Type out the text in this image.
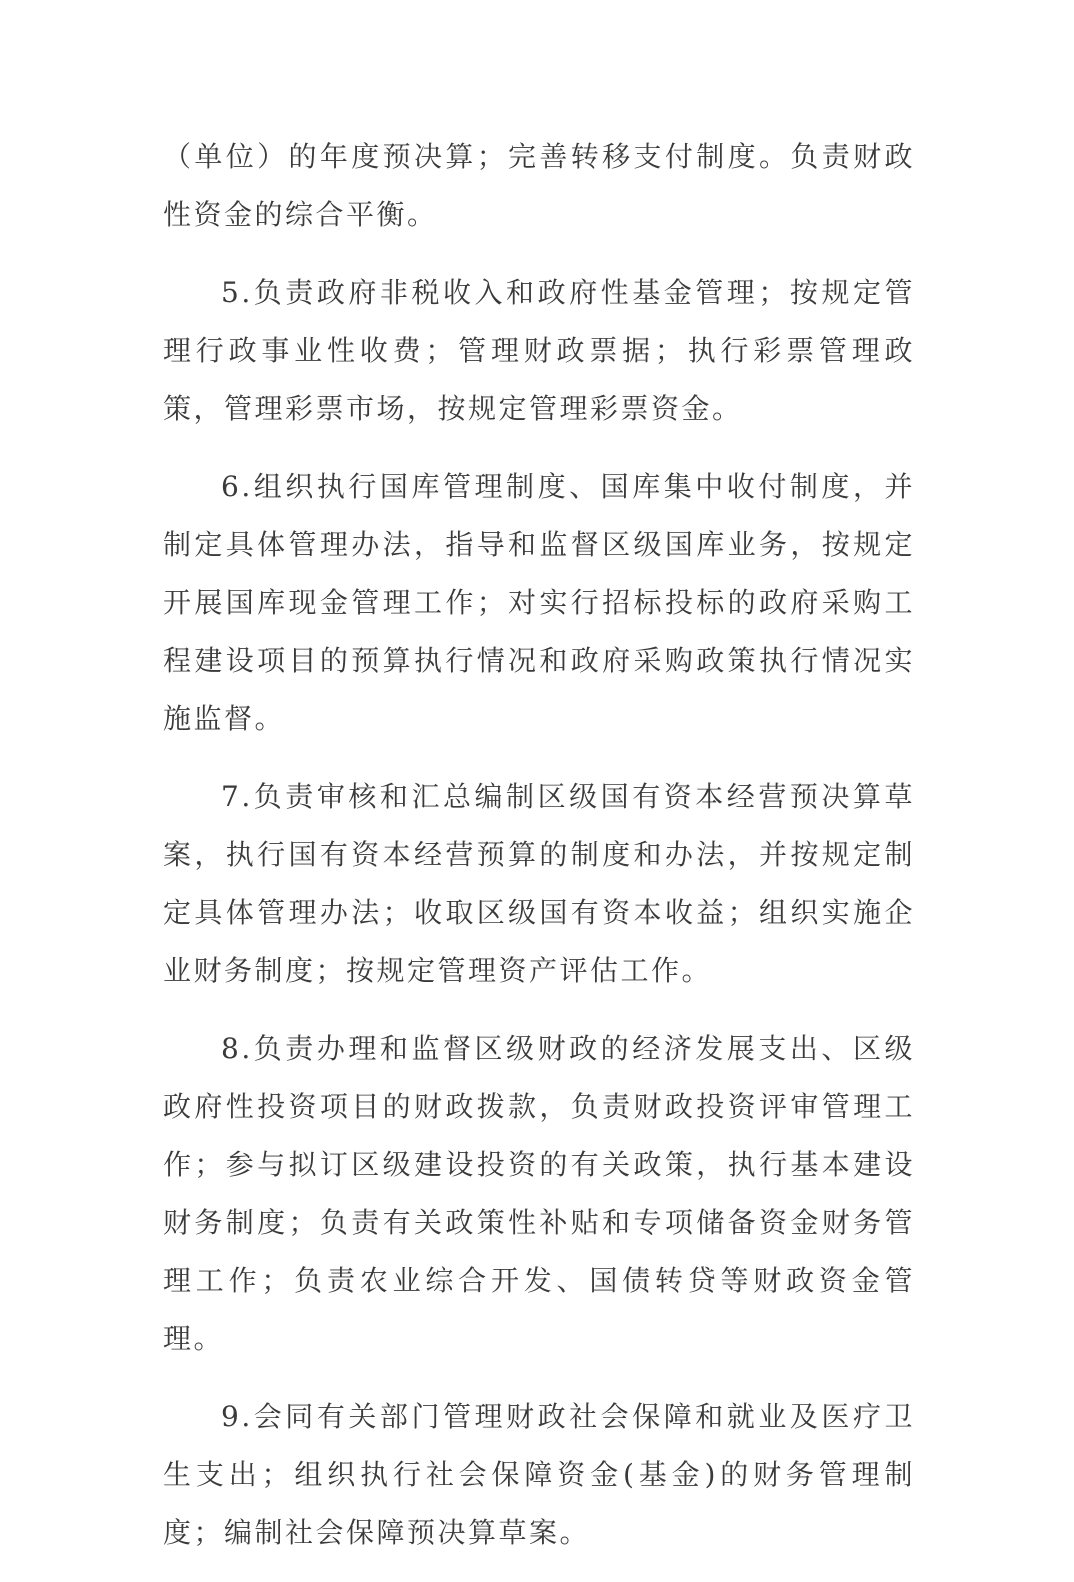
（单位）的年度预决算；完善转移支付制度。负责财政性资金的综合平衡。

5.负责政府非税收入和政府性基金管理；按规定管理行政事业性收费；管理财政票据；执行彩票管理政策，管理彩票市场，按规定管理彩票资金。

6.组织执行国库管理制度、国库集中收付制度，并制定具体管理办法，指导和监督区级国库业务，按规定开展国库现金管理工作；对实行招标投标的政府采购工程建设项目的预算执行情况和政府采购政策执行情况实施监督。

7.负责审核和汇总编制区级国有资本经营预决算草案，执行国有资本经营预算的制度和办法，并按规定制定具体管理办法；收取区级国有资本收益；组织实施企业财务制度；按规定管理资产评估工作。

8.负责办理和监督区级财政的经济发展支出、区级政府性投资项目的财政拨款，负责财政投资评审管理工作；参与拟订区级建设投资的有关政策，执行基本建设财务制度；负责有关政策性补贴和专项储备资金财务管理工作；负责农业综合开发、国债转贷等财政资金管理。

9.会同有关部门管理财政社会保障和就业及医疗卫生支出；组织执行社会保障资金(基金)的财务管理制度；编制社会保障预决算草案。
